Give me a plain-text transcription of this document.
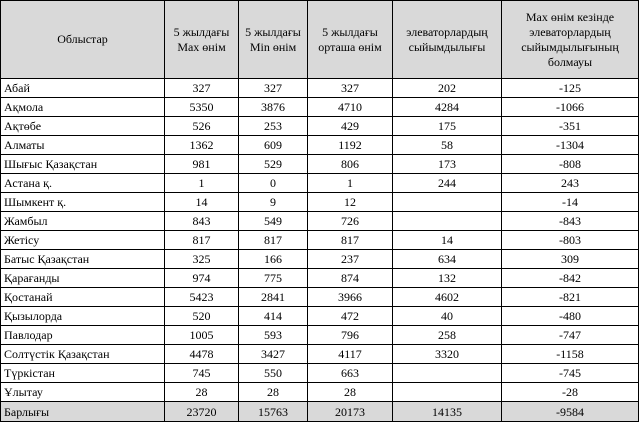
Облыстар	5 жылдағы Max өнім	5 жылдағы Min өнім	5 жылдағы орташа өнім	элеваторлардың сыйымдылығы	Max өнім кезінде элеваторлардың сыйымдылығының болмауы
Абай	327	327	327	202	-125
Ақмола	5350	3876	4710	4284	-1066
Ақтөбе	526	253	429	175	-351
Алматы	1362	609	1192	58	-1304
Шығыс Қазақстан	981	529	806	173	-808
Астана қ.	1	0	1	244	243
Шымкент қ.	14	9	12		-14
Жамбыл	843	549	726		-843
Жетісу	817	817	817	14	-803
Батыс Қазақстан	325	166	237	634	309
Қарағанды	974	775	874	132	-842
Қостанай	5423	2841	3966	4602	-821
Қызылорда	520	414	472	40	-480
Павлодар	1005	593	796	258	-747
Солтүстік Қазақстан	4478	3427	4117	3320	-1158
Түркістан	745	550	663		-745
Ұлытау	28	28	28		-28
Барлығы	23720	15763	20173	14135	-9584
